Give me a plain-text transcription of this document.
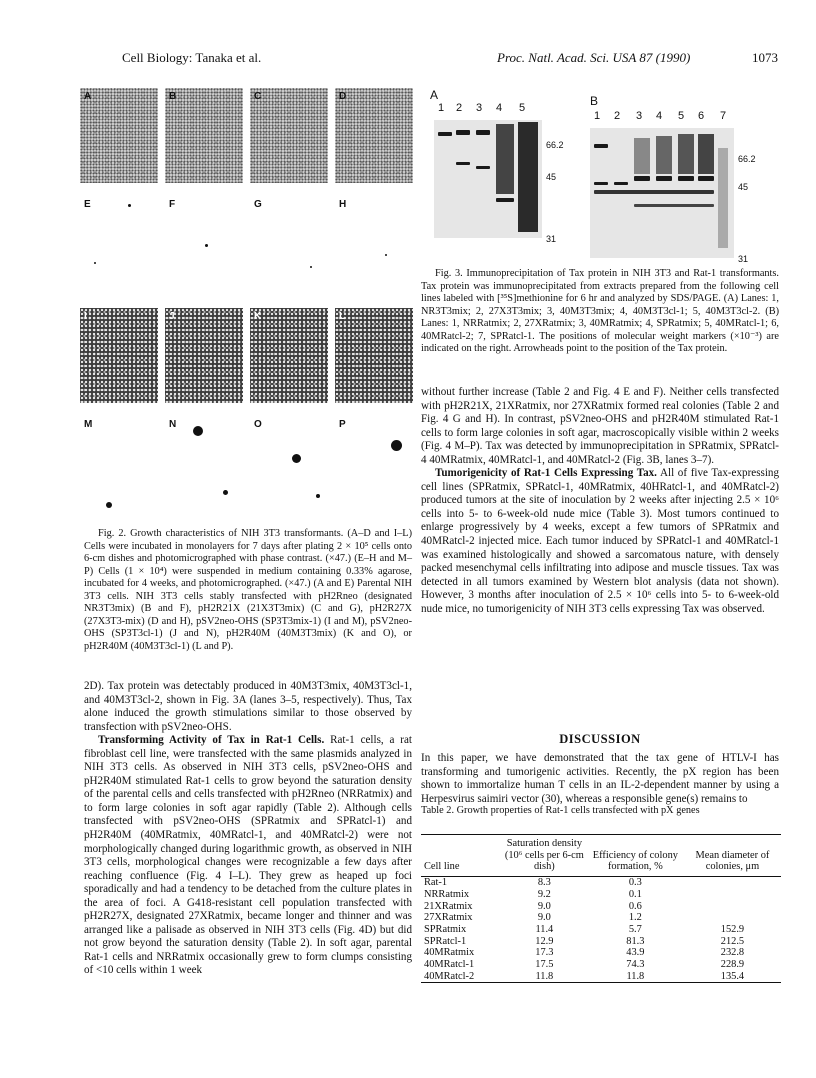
Cell Biology: Tanaka et al.	Proc. Natl. Acad. Sci. USA 87 (1990)	1073
A	B	C	D
E	F	G	H
I	J	K	L
M	N	O	P

Fig. 2. Growth characteristics of NIH 3T3 transformants. (A–D and I–L) Cells were incubated in monolayers for 7 days after plating 2 × 10⁵ cells onto 6-cm dishes and photomicrographed with phase contrast. (×47.) (E–H and M–P) Cells (1 × 10⁴) were suspended in medium containing 0.33% agarose, incubated for 4 weeks, and photomicrographed. (×47.) (A and E) Parental NIH 3T3 cells. NIH 3T3 cells stably transfected with pH2Rneo (designated NR3T3mix) (B and F), pH2R21X (21X3T3mix) (C and G), pH2R27X (27X3T3-mix) (D and H), pSV2neo-OHS (SP3T3mix-1) (I and M), pSV2neo-OHS (SP3T3cl-1) (J and N), pH2R40M (40M3T3mix) (K and O), or pH2R40M (40M3T3cl-1) (L and P).

2D). Tax protein was detectably produced in 40M3T3mix, 40M3T3cl-1, and 40M3T3cl-2, shown in Fig. 3A (lanes 3–5, respectively). Thus, Tax alone induced the growth stimulations similar to those observed by transfection with pSV2neo-OHS.

Transforming Activity of Tax in Rat-1 Cells. Rat-1 cells, a rat fibroblast cell line, were transfected with the same plasmids analyzed in NIH 3T3 cells. As observed in NIH 3T3 cells, pSV2neo-OHS and pH2R40M stimulated Rat-1 cells to grow beyond the saturation density of the parental cells and cells transfected with pH2Rneo (NRRatmix) and to form large colonies in soft agar rapidly (Table 2). Although cells transfected with pSV2neo-OHS (SPRatmix and SPRatcl-1) and pH2R40M (40MRatmix, 40MRatcl-1, and 40MRatcl-2) were not morphologically changed during logarithmic growth, as observed in NIH 3T3 cells, morphological changes were recognizable a few days after reaching confluence (Fig. 4 I–L). They grew as heaped up foci sporadically and had a tendency to be detached from the culture plates in the area of foci. A G418-resistant cell population transfected with pH2R27X, designated 27XRatmix, became longer and thinner and was arranged like a palisade as observed in NIH 3T3 cells (Fig. 4D) but did not grow beyond the saturation density (Table 2). In soft agar, parental Rat-1 cells and NRRatmix occasionally grew to form clumps consisting of <10 cells within 1 week

A
1 2 3 4 5
66.2
45
31
B
1 2 3 4 5 6 7
66.2
45
31

Fig. 3. Immunoprecipitation of Tax protein in NIH 3T3 and Rat-1 transformants. Tax protein was immunoprecipitated from extracts prepared from the following cell lines labeled with [³⁵S]methionine for 6 hr and analyzed by SDS/PAGE. (A) Lanes: 1, NR3T3mix; 2, 27X3T3mix; 3, 40M3T3mix; 4, 40M3T3cl-1; 5, 40M3T3cl-2. (B) Lanes: 1, NRRatmix; 2, 27XRatmix; 3, 40MRatmix; 4, SPRatmix; 5, 40MRatcl-1; 6, 40MRatcl-2; 7, SPRatcl-1. The positions of molecular weight markers (×10⁻³) are indicated on the right. Arrowheads point to the position of the Tax protein.

without further increase (Table 2 and Fig. 4 E and F). Neither cells transfected with pH2R21X, 21XRatmix, nor 27XRatmix formed real colonies (Table 2 and Fig. 4 G and H). In contrast, pSV2neo-OHS and pH2R40M stimulated Rat-1 cells to form large colonies in soft agar, macroscopically visible within 2 weeks (Fig. 4 M–P). Tax was detected by immunoprecipitation in SPRatmix, SPRatcl-4 40MRatmix, 40MRatcl-1, and 40MRatcl-2 (Fig. 3B, lanes 3–7).

Tumorigenicity of Rat-1 Cells Expressing Tax. All of five Tax-expressing cell lines (SPRatmix, SPRatcl-1, 40MRatmix, 40HRatcl-1, and 40MRatcl-2) produced tumors at the site of inoculation by 2 weeks after injecting 2.5 × 10⁶ cells into 5- to 6-week-old nude mice (Table 3). Most tumors continued to enlarge progressively by 4 weeks, except a few tumors of SPRatmix and 40MRatcl-2 injected mice. Each tumor induced by SPRatcl-1 and 40MRatcl-1 was examined histologically and showed a sarcomatous nature, with densely packed mesenchymal cells infiltrating into adipose and muscle tissues. Tax was detected in all tumors examined by Western blot analysis (data not shown). However, 3 months after inoculation of 2.5 × 10⁶ cells into 5- to 6-week-old nude mice, no tumorigenicity of NIH 3T3 cells expressing Tax was observed.

DISCUSSION

In this paper, we have demonstrated that the tax gene of HTLV-I has transforming and tumorigenic activities. Recently, the pX region has been shown to immortalize human T cells in an IL-2-dependent manner by using a Herpesvirus saimiri vector (30), whereas a responsible gene(s) remains to

Table 2. Growth properties of Rat-1 cells transfected with pX genes
Cell line	Saturation density (10⁶ cells per 6-cm dish)	Efficiency of colony formation, %	Mean diameter of colonies, μm
Rat-1	8.3	0.3	
NRRatmix	9.2	0.1	
21XRatmix	9.0	0.6	
27XRatmix	9.0	1.2	
SPRatmix	11.4	5.7	152.9
SPRatcl-1	12.9	81.3	212.5
40MRatmix	17.3	43.9	232.8
40MRatcl-1	17.5	74.3	228.9
40MRatcl-2	11.8	11.8	135.4
